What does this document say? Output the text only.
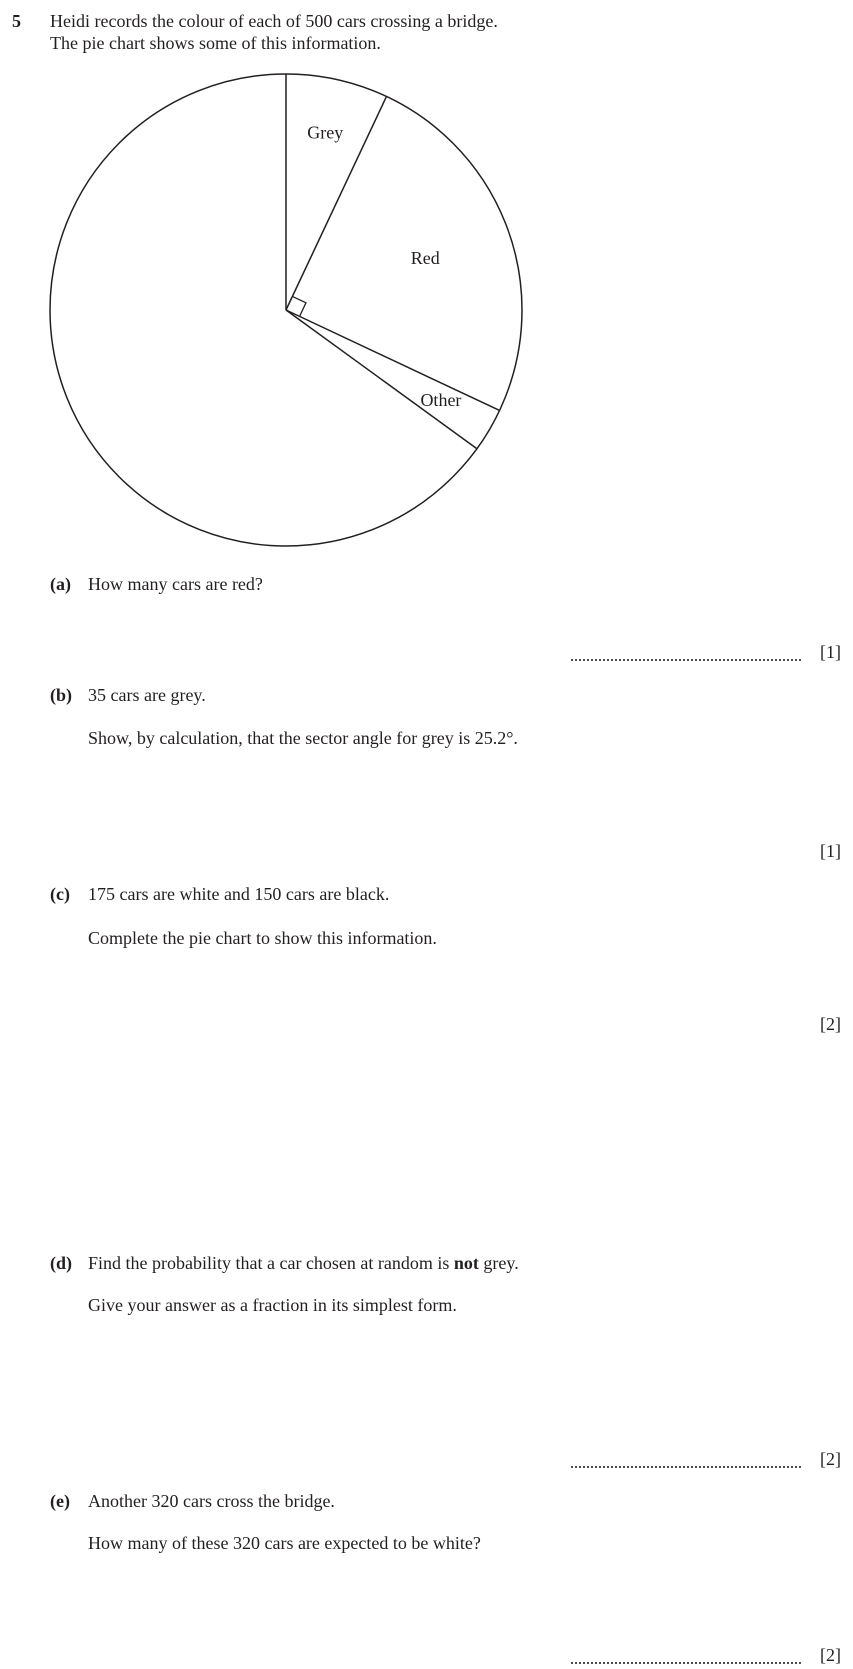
5 Heidi records the colour of each of 500 cars crossing a bridge.
The pie chart shows some of this information.
Grey
Red
Other
(a) How many cars are red?
[1]
(b) 35 cars are grey.
Show, by calculation, that the sector angle for grey is 25.2°.
[1]
(c) 175 cars are white and 150 cars are black.
Complete the pie chart to show this information.
[2]
(d) Find the probability that a car chosen at random is not grey.
Give your answer as a fraction in its simplest form.
[2]
(e) Another 320 cars cross the bridge.
How many of these 320 cars are expected to be white?
[2]
